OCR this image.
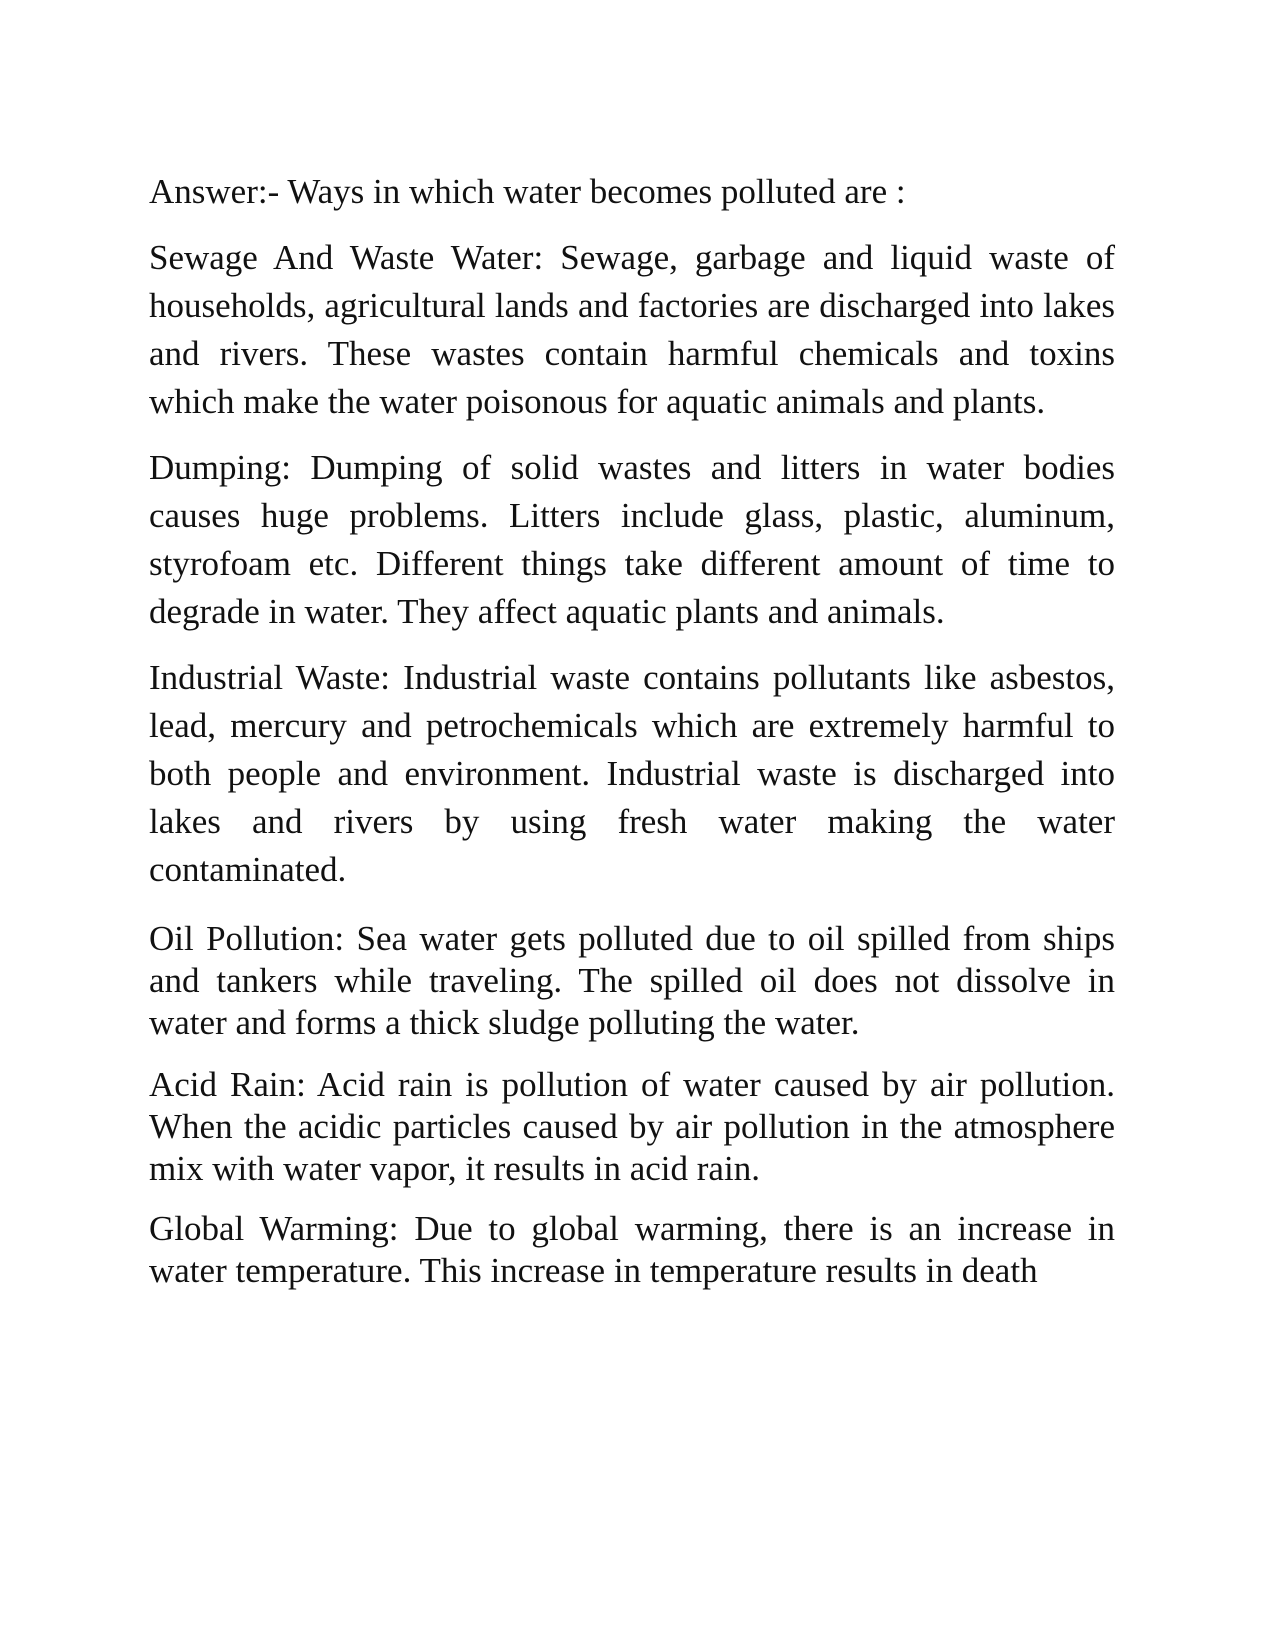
Answer:- Ways in which water becomes polluted are :

Sewage And Waste Water: Sewage, garbage and liquid waste of households, agricultural lands and factories are discharged into lakes and rivers. These wastes contain harmful chemicals and toxins which make the water poisonous for aquatic animals and plants.

Dumping: Dumping of solid wastes and litters in water bodies causes huge problems. Litters include glass, plastic, aluminum, styrofoam etc. Different things take different amount of time to degrade in water. They affect aquatic plants and animals.

Industrial Waste: Industrial waste contains pollutants like asbestos, lead, mercury and petrochemicals which are extremely harmful to both people and environment. Industrial waste is discharged into lakes and rivers by using fresh water making the water contaminated.

Oil Pollution: Sea water gets polluted due to oil spilled from ships and tankers while traveling. The spilled oil does not dissolve in water and forms a thick sludge polluting the water.

Acid Rain: Acid rain is pollution of water caused by air pollution. When the acidic particles caused by air pollution in the atmosphere mix with water vapor, it results in acid rain.

Global Warming: Due to global warming, there is an increase in water temperature. This increase in temperature results in death
